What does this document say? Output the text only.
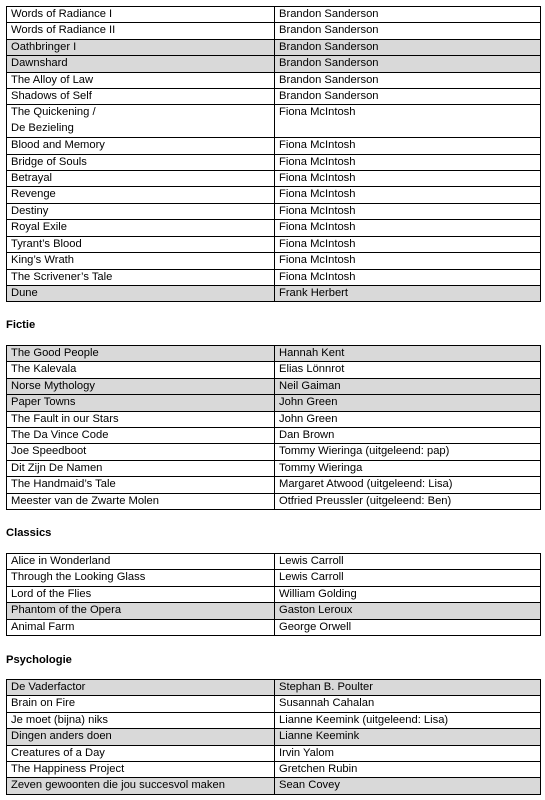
Words of Radiance I	Brandon Sanderson
Words of Radiance II	Brandon Sanderson
Oathbringer I	Brandon Sanderson
Dawnshard	Brandon Sanderson
The Alloy of Law	Brandon Sanderson
Shadows of Self	Brandon Sanderson

The Quickening /
De Bezieling	Fiona McIntosh
Blood and Memory	Fiona McIntosh
Bridge of Souls	Fiona McIntosh
Betrayal	Fiona McIntosh
Revenge	Fiona McIntosh
Destiny	Fiona McIntosh
Royal Exile	Fiona McIntosh
Tyrant’s Blood	Fiona McIntosh
King’s Wrath	Fiona McIntosh
The Scrivener’s Tale	Fiona McIntosh
Dune	Frank Herbert
Fictie
The Good People	Hannah Kent
The Kalevala	Elias Lönnrot
Norse Mythology	Neil Gaiman
Paper Towns	John Green
The Fault in our Stars	John Green
The Da Vince Code	Dan Brown
Joe Speedboot	Tommy Wieringa (uitgeleend: pap)
Dit Zijn De Namen	Tommy Wieringa
The Handmaid’s Tale	Margaret Atwood (uitgeleend: Lisa)
Meester van de Zwarte Molen	Otfried Preussler (uitgeleend: Ben)
Classics
Alice in Wonderland	Lewis Carroll
Through the Looking Glass	Lewis Carroll
Lord of the Flies	William Golding
Phantom of the Opera	Gaston Leroux
Animal Farm	George Orwell
Psychologie
De Vaderfactor	Stephan B. Poulter
Brain on Fire	Susannah Cahalan
Je moet (bijna) niks	Lianne Keemink (uitgeleend: Lisa)
Dingen anders doen	Lianne Keemink
Creatures of a Day	Irvin Yalom
The Happiness Project	Gretchen Rubin
Zeven gewoonten die jou succesvol maken	Sean Covey
